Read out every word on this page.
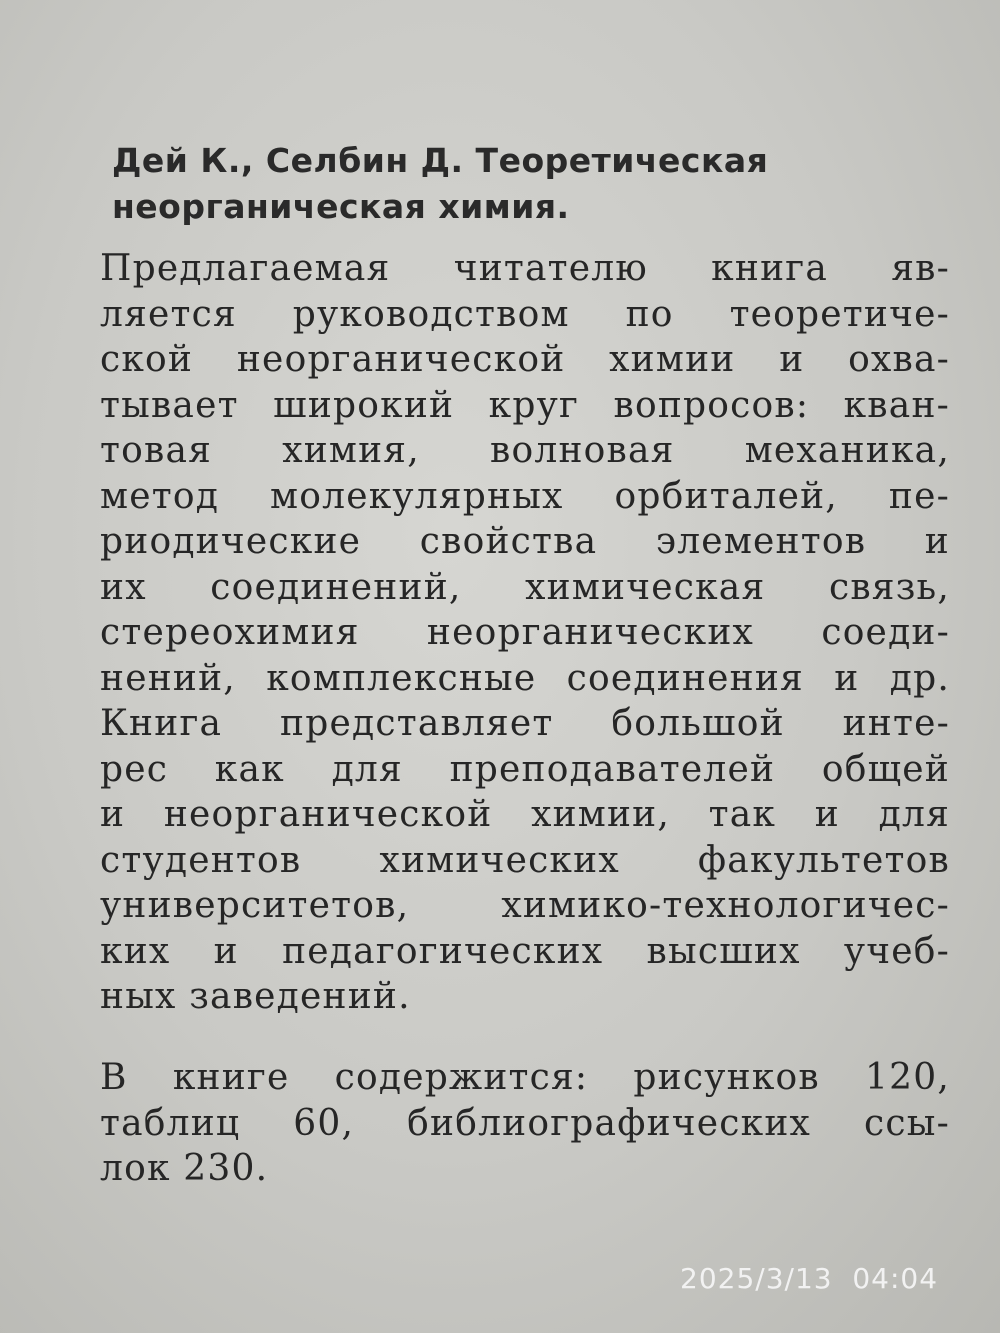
Дей К., Селбин Д. Теоретическая
неорганическая химия.
Предлагаемая читателю книга яв-
ляется руководством по теоретиче-
ской неорганической химии и охва-
тывает широкий круг вопросов: кван-
товая химия, волновая механика,
метод молекулярных орбиталей, пе-
риодические свойства элементов и
их соединений, химическая связь,
стереохимия неорганических соеди-
нений, комплексные соединения и др.
Книга представляет большой инте-
рес как для преподавателей общей
и неорганической химии, так и для
студентов химических факультетов
университетов, химико-технологичес-
ких и педагогических высших учеб-
ных заведений.
В книге содержится: рисунков 120,
таблиц 60, библиографических ссы-
лок 230.
2025/3/13  04:04
